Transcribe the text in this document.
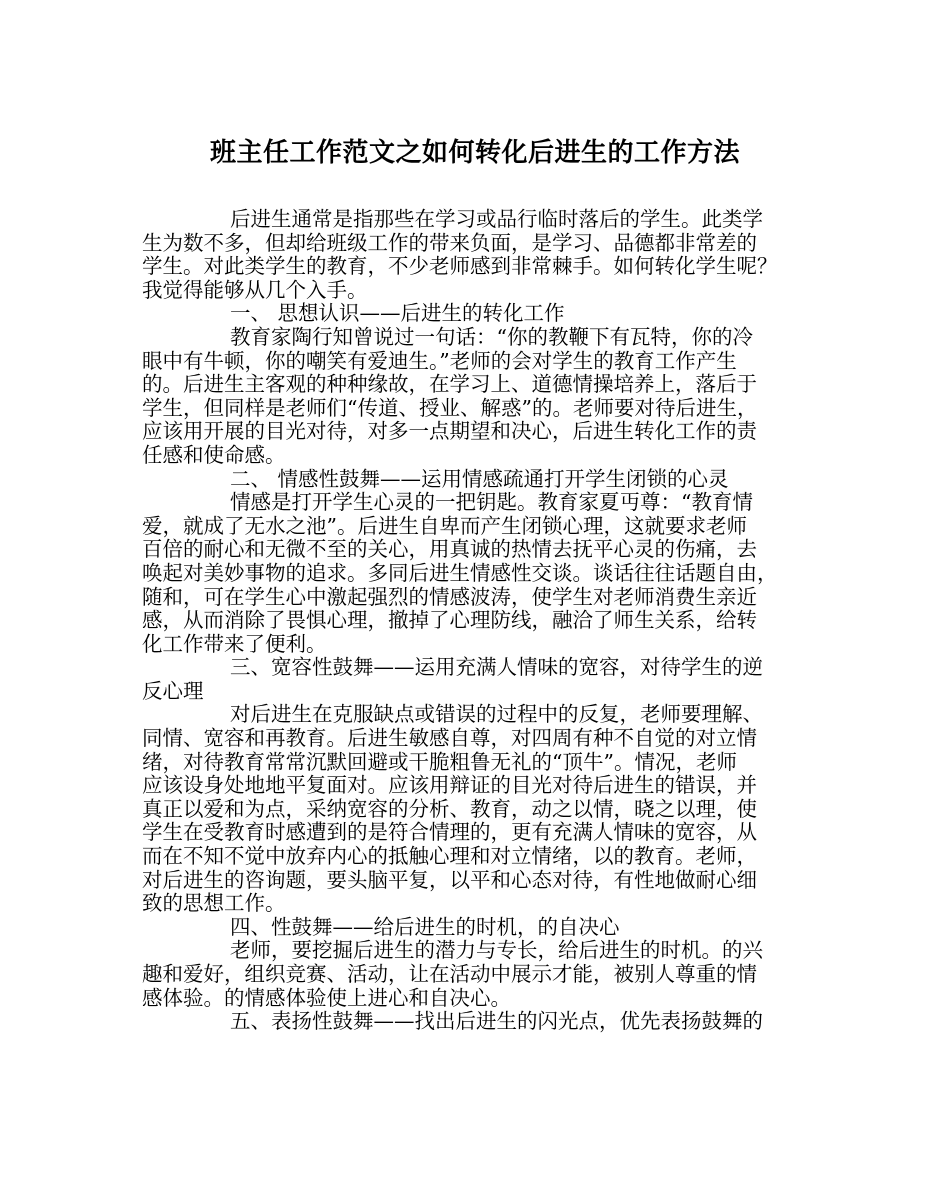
班主任工作范文之如何转化后进生的工作方法
后进生通常是指那些在学习或品行临时落后的学生。此类学
生为数不多，但却给班级工作的带来负面，是学习、品德都非常差的
学生。对此类学生的教育，不少老师感到非常棘手。如何转化学生呢？
我觉得能够从几个入手。
一、 思想认识——后进生的转化工作
教育家陶行知曾说过一句话：“你的教鞭下有瓦特，你的冷
眼中有牛顿，你的嘲笑有爱迪生。”老师的会对学生的教育工作产生
的。后进生主客观的种种缘故，在学习上、道德情操培养上，落后于
学生，但同样是老师们“传道、授业、解惑”的。老师要对待后进生，
应该用开展的目光对待，对多一点期望和决心，后进生转化工作的责
任感和使命感。
二、 情感性鼓舞——运用情感疏通打开学生闭锁的心灵
情感是打开学生心灵的一把钥匙。教育家夏丏尊：“教育情
爱，就成了无水之池”。后进生自卑而产生闭锁心理，这就要求老师
百倍的耐心和无微不至的关心，用真诚的热情去抚平心灵的伤痛，去
唤起对美妙事物的追求。多同后进生情感性交谈。谈话往往话题自由，
随和，可在学生心中激起强烈的情感波涛，使学生对老师消费生亲近
感，从而消除了畏惧心理，撤掉了心理防线，融洽了师生关系，给转
化工作带来了便利。
三、宽容性鼓舞——运用充满人情味的宽容，对待学生的逆
反心理
对后进生在克服缺点或错误的过程中的反复，老师要理解、
同情、宽容和再教育。后进生敏感自尊，对四周有种不自觉的对立情
绪，对待教育常常沉默回避或干脆粗鲁无礼的“顶牛”。情况，老师
应该设身处地地平复面对。应该用辩证的目光对待后进生的错误，并
真正以爱和为点，采纳宽容的分析、教育，动之以情，晓之以理，使
学生在受教育时感遭到的是符合情理的，更有充满人情味的宽容，从
而在不知不觉中放弃内心的抵触心理和对立情绪，以的教育。老师，
对后进生的咨询题，要头脑平复，以平和心态对待，有性地做耐心细
致的思想工作。
四、性鼓舞——给后进生的时机，的自决心
老师，要挖掘后进生的潜力与专长，给后进生的时机。的兴
趣和爱好，组织竞赛、活动，让在活动中展示才能，被别人尊重的情
感体验。的情感体验使上进心和自决心。
五、表扬性鼓舞——找出后进生的闪光点，优先表扬鼓舞的
